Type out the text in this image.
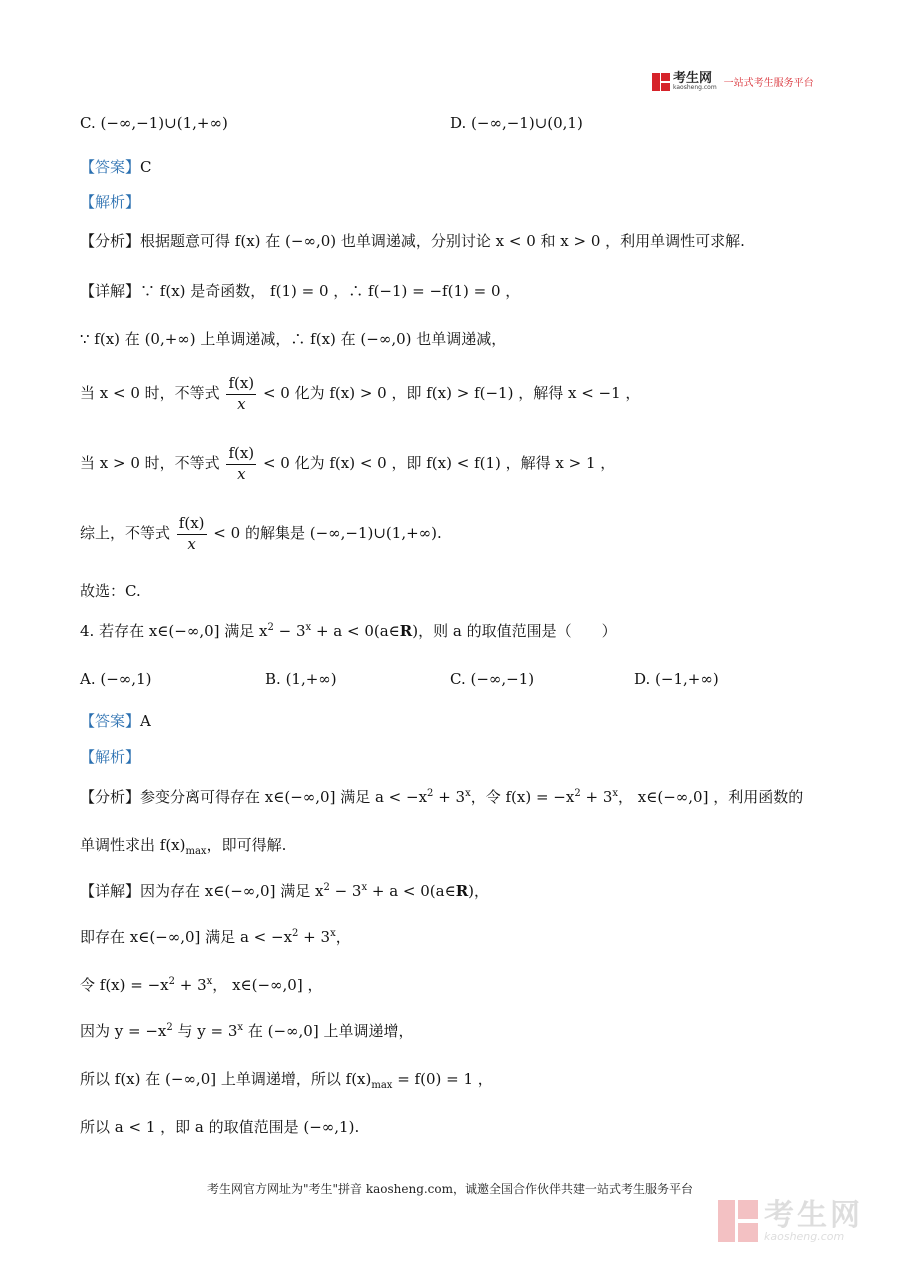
考生网
kaosheng.com 一站式考生服务平台
C. (−∞,−1)∪(1,+∞)	D. (−∞,−1)∪(0,1)
【答案】C
【解析】
【分析】根据题意可得 f(x) 在 (−∞,0) 也单调递减，分别讨论 x < 0 和 x > 0 ，利用单调性可求解.
【详解】∵ f(x) 是奇函数， f(1) = 0 ，∴ f(−1) = −f(1) = 0 ，
∵ f(x) 在 (0,+∞) 上单调递减，∴ f(x) 在 (−∞,0) 也单调递减，
当 x < 0 时，不等式 $\frac{f(x)}{x} < 0$ 化为 f(x) > 0 ，即 f(x) > f(−1) ，解得 x < −1 ，
当 x > 0 时，不等式 $\frac{f(x)}{x} < 0$ 化为 f(x) < 0 ，即 f(x) < f(1) ，解得 x > 1 ，
综上，不等式 $\frac{f(x)}{x} < 0$ 的解集是 (−∞,−1)∪(1,+∞).
故选：C.
4. 若存在 x∈(−∞,0] 满足 $x^2 - 3^x + a$ < 0(a∈R)，则 a 的取值范围是（　　）
A. (−∞,1)	B. (1,+∞)	C. (−∞,−1)	D. (−1,+∞)
【答案】A
【解析】
【分析】参变分离可得存在 x∈(−∞,0] 满足 $a < -x^2 + 3^x$，令 $f(x) = -x^2 + 3^x$， x∈(−∞,0] ，利用函数的
单调性求出 $f(x)_{max}$，即可得解.
【详解】因为存在 x∈(−∞,0] 满足 $x^2 - 3^x + a$ < 0(a∈R)，
即存在 x∈(−∞,0] 满足 $a < -x^2 + 3^x$，
令 $f(x) = -x^2 + 3^x$， x∈(−∞,0] ，
因为 $y = -x^2$ 与 $y = 3^x$ 在 (−∞,0] 上单调递增，
所以 f(x) 在 (−∞,0] 上单调递增，所以 $f(x)_{max} = f(0) = 1$ ，
所以 a < 1 ，即 a 的取值范围是 (−∞,1).
考生网官方网址为"考生"拼音 kaosheng.com，诚邀全国合作伙伴共建一站式考生服务平台
考生网
kaosheng.com
